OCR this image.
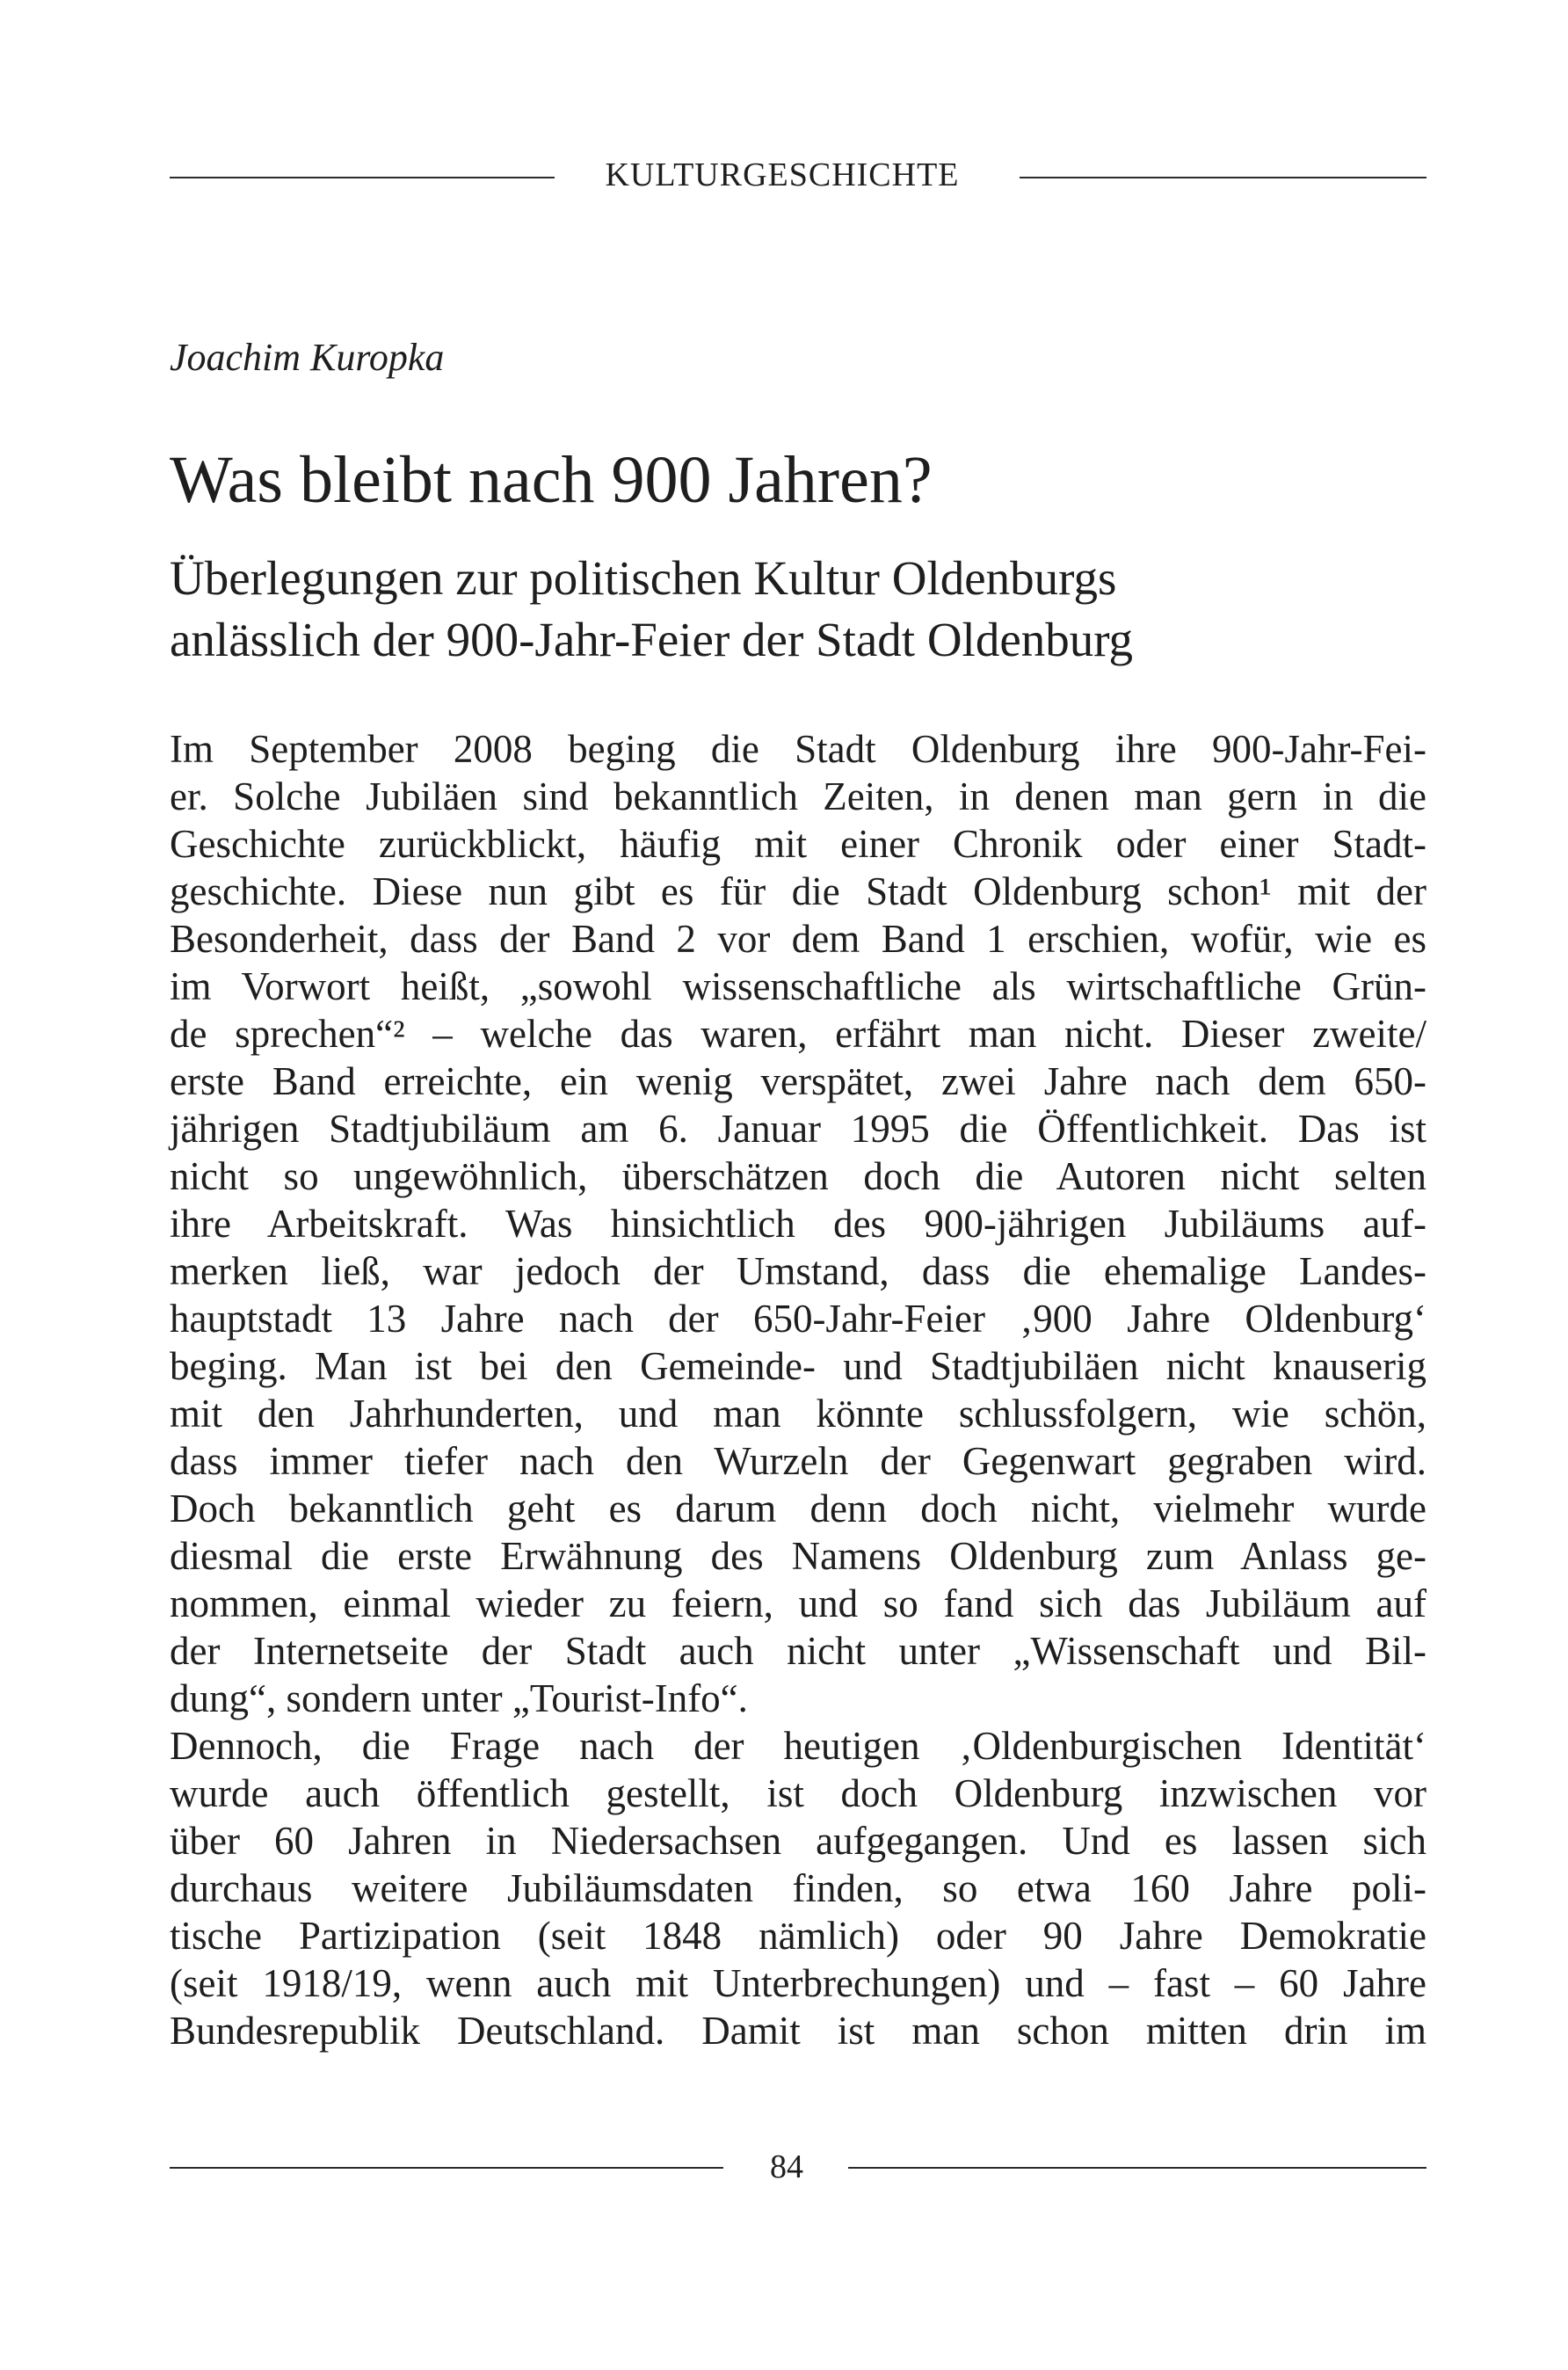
KULTURGESCHICHTE
Joachim Kuropka
Was bleibt nach 900 Jahren?
Überlegungen zur politischen Kultur Oldenburgs
anlässlich der 900-Jahr-Feier der Stadt Oldenburg
Im September 2008 beging die Stadt Oldenburg ihre 900-Jahr-Fei-
er. Solche Jubiläen sind bekanntlich Zeiten, in denen man gern in die
Geschichte zurückblickt, häufig mit einer Chronik oder einer Stadt-
geschichte. Diese nun gibt es für die Stadt Oldenburg schon¹ mit der
Besonderheit, dass der Band 2 vor dem Band 1 erschien, wofür, wie es
im Vorwort heißt, „sowohl wissenschaftliche als wirtschaftliche Grün-
de sprechen“² – welche das waren, erfährt man nicht. Dieser zweite/
erste Band erreichte, ein wenig verspätet, zwei Jahre nach dem 650-
jährigen Stadtjubiläum am 6. Januar 1995 die Öffentlichkeit. Das ist
nicht so ungewöhnlich, überschätzen doch die Autoren nicht selten
ihre Arbeitskraft. Was hinsichtlich des 900-jährigen Jubiläums auf-
merken ließ, war jedoch der Umstand, dass die ehemalige Landes-
hauptstadt 13 Jahre nach der 650-Jahr-Feier ‚900 Jahre Oldenburg‘
beging. Man ist bei den Gemeinde- und Stadtjubiläen nicht knauserig
mit den Jahrhunderten, und man könnte schlussfolgern, wie schön,
dass immer tiefer nach den Wurzeln der Gegenwart gegraben wird.
Doch bekanntlich geht es darum denn doch nicht, vielmehr wurde
diesmal die erste Erwähnung des Namens Oldenburg zum Anlass ge-
nommen, einmal wieder zu feiern, und so fand sich das Jubiläum auf
der Internetseite der Stadt auch nicht unter „Wissenschaft und Bil-
dung“, sondern unter „Tourist-Info“.
Dennoch, die Frage nach der heutigen ‚Oldenburgischen Identität‘
wurde auch öffentlich gestellt, ist doch Oldenburg inzwischen vor
über 60 Jahren in Niedersachsen aufgegangen. Und es lassen sich
durchaus weitere Jubiläumsdaten finden, so etwa 160 Jahre poli-
tische Partizipation (seit 1848 nämlich) oder 90 Jahre Demokratie
(seit 1918/19, wenn auch mit Unterbrechungen) und – fast – 60 Jahre
Bundesrepublik Deutschland. Damit ist man schon mitten drin im
84
